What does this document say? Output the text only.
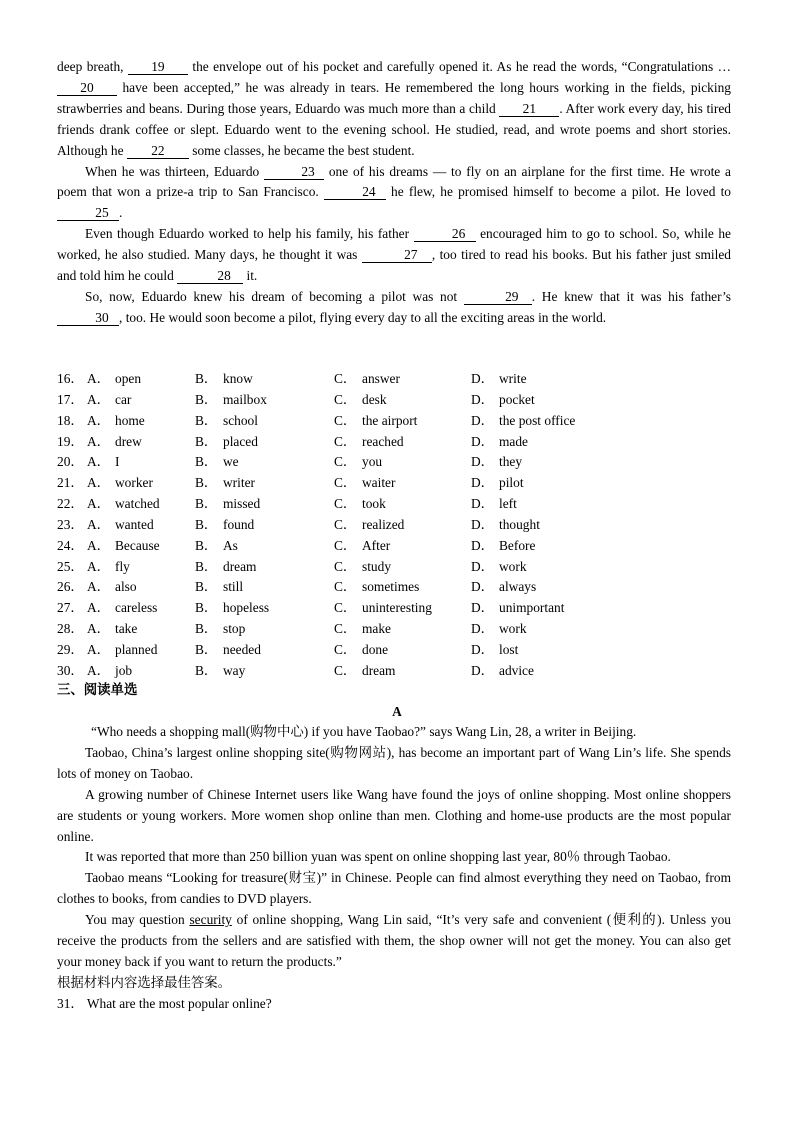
deep breath, 19 the envelope out of his pocket and carefully opened it. As he read the words, “Congratulations … 20 have been accepted,” he was already in tears. He remembered the long hours working in the fields, picking strawberries and beans. During those years, Eduardo was much more than a child 21 . After work every day, his tired friends drank coffee or slept. Eduardo went to the evening school. He studied, read, and wrote poems and short stories. Although he 22 some classes, he became the best student.

When he was thirteen, Eduardo	23 one of his dreams — to fly on an airplane for the first time. He wrote a poem that won a prize-a trip to San Francisco.	24 he flew, he promised himself to become a pilot. He loved to 25 .

Even though Eduardo worked to help his family, his father	26 encouraged him to go to school. So, while he worked, he also studied. Many days, he thought it was	27 , too tired to read his books. But his father just smiled and told him he could	28 it.

So, now, Eduardo knew his dream of becoming a pilot was not	29 . He knew that it was his father’s 30 , too. He would soon become a pilot, flying every day to all the exciting areas in the world.

16． A． open	B． know	C． answer	D． write
17． A． car	B． mailbox	C． desk	D． pocket
18． A． home	B． school	C． the airport	D． the post office
19． A． drew	B． placed	C． reached	D． made
20． A． I	B． we	C． you	D． they
21． A． worker	B． writer	C． waiter	D． pilot
22． A． watched	B． missed	C． took	D． left
23． A． wanted	B． found	C． realized	D． thought
24． A． Because	B． As	C． After	D． Before
25． A． fly	B． dream	C． study	D． work
26． A． also	B． still	C． sometimes	D． always
27． A． careless	B． hopeless	C． uninteresting	D． unimportant
28． A． take	B． stop	C． make	D． work
29． A． planned	B． needed	C． done	D． lost
30． A． job	B． way	C． dream	D． advice
三、阅读单选
A

“Who needs a shopping mall(购物中心) if you have Taobao?” says Wang Lin, 28, a writer in Beijing.

Taobao, China’s largest online shopping site(购物网站), has become an important part of Wang Lin’s life. She spends lots of money on Taobao.

A growing number of Chinese Internet users like Wang have found the joys of online shopping. Most online shoppers are students or young workers. More women shop online than men. Clothing and home-use products are the most popular online.

It was reported that more than 250 billion yuan was spent on online shopping last year, 80％ through Taobao.

Taobao means “Looking for treasure(财宝)” in Chinese. People can find almost everything they need on Taobao, from clothes to books, from candies to DVD players.

You may question security of online shopping, Wang Lin said, “It’s very safe and convenient (便利的). Unless you receive the products from the sellers and are satisfied with them, the shop owner will not get the money. You can also get your money back if you want to return the products.”

根据材料内容选择最佳答案。

31． What are the most popular online?
